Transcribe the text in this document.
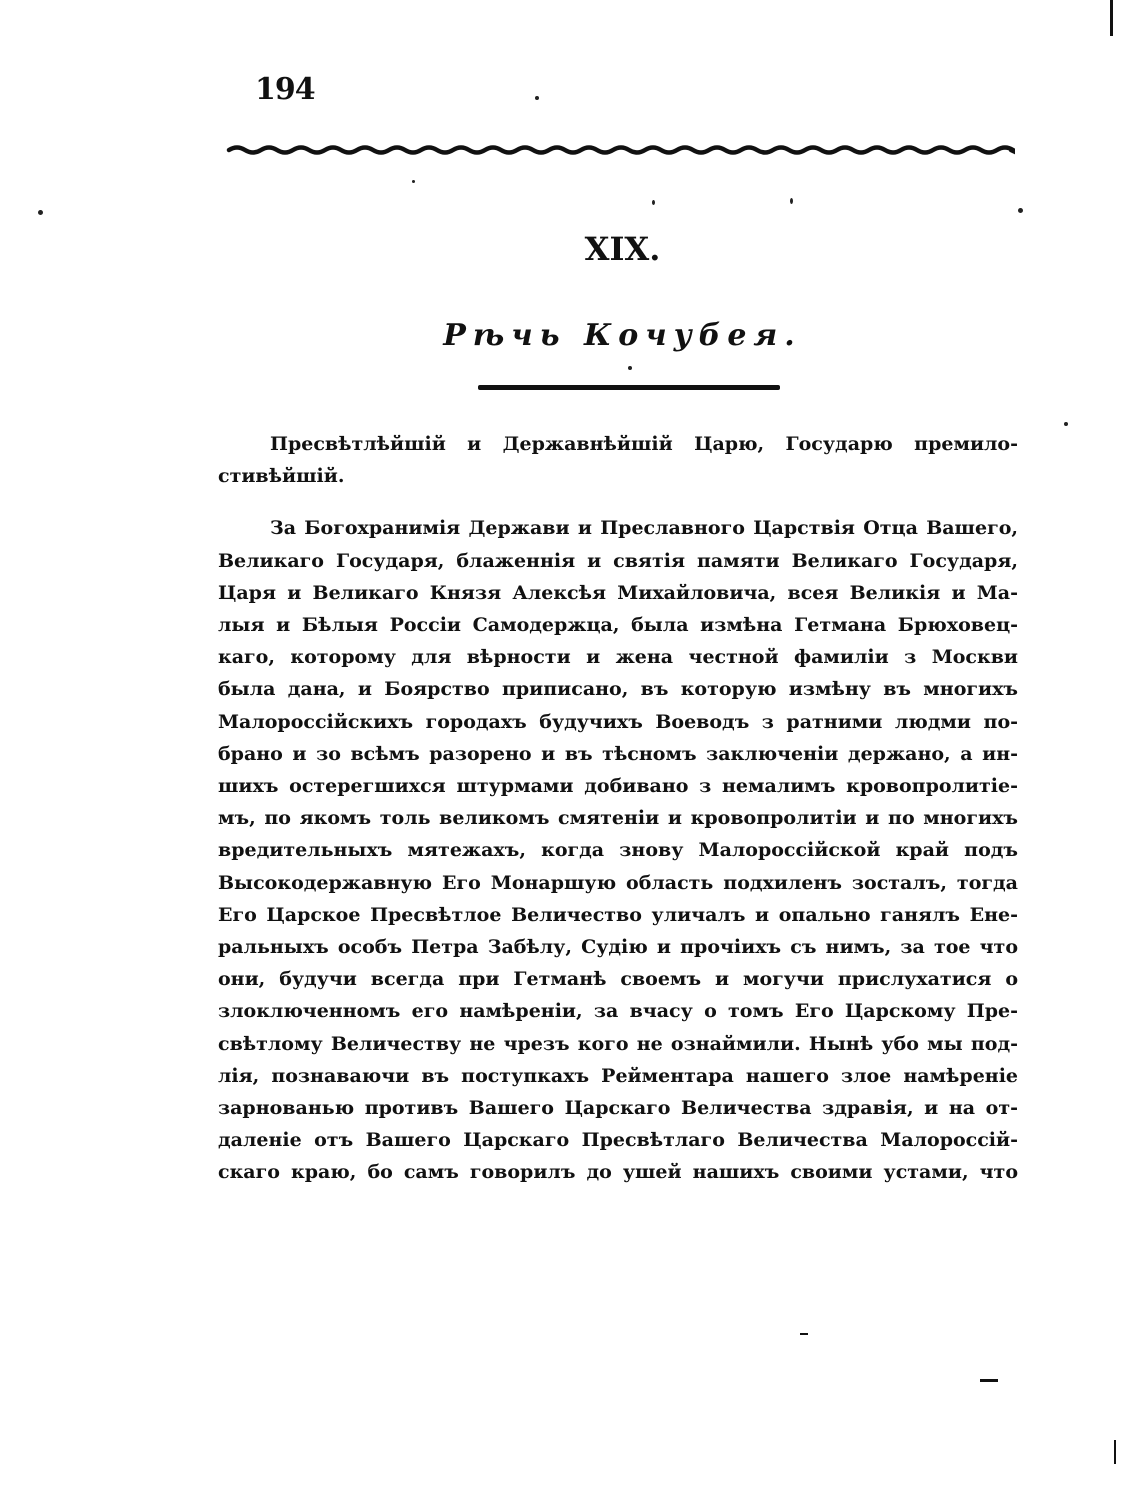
194
XIX.
Рѣчь Кочубея.
Пресвѣтлѣйшій и Державнѣйшій Царю, Государю премило-
стивѣйшій.
За Богохранимія Держави и Преславного Царствія Отца Вашего,
Великаго Государя, блаженнія и святія памяти Великаго Государя,
Царя и Великаго Князя Алексѣя Михайловича, всея Великія и Ма-
лыя и Бѣлыя Россіи Самодержца, была измѣна Гетмана Брюховец-
каго, которому для вѣрности и жена честной фамиліи з Москви
была дана, и Боярство приписано, въ которую измѣну въ многихъ
Малороссійскихъ городахъ будучихъ Воеводъ з ратними людми по-
брано и зо всѣмъ разорено и въ тѣсномъ заключеніи держано, а ин-
шихъ остерегшихся штурмами добивано з немалимъ кровопролитіе-
мъ, по якомъ толь великомъ смятеніи и кровопролитіи и по многихъ
вредительныхъ мятежахъ, когда знову Малороссійской край подъ
Высокодержавную Его Монаршую область подхиленъ зосталъ, тогда
Его Царское Пресвѣтлое Величество уличалъ и опально ганялъ Ене-
ральныхъ особъ Петра Забѣлу, Судію и прочіихъ съ нимъ, за тое что
они, будучи всегда при Гетманѣ своемъ и могучи прислухатися о
злоключенномъ его намѣреніи, за вчасу о томъ Его Царскому Пре-
свѣтлому Величеству не чрезъ кого не ознаймили. Нынѣ убо мы под-
лія, познаваючи въ поступкахъ Рейментара нашего злое намѣреніе
зарнованью противъ Вашего Царскаго Величества здравія, и на от-
даленіе отъ Вашего Царскаго Пресвѣтлаго Величества Малороссій-
скаго краю, бо самъ говорилъ до ушей нашихъ своими устами, что
